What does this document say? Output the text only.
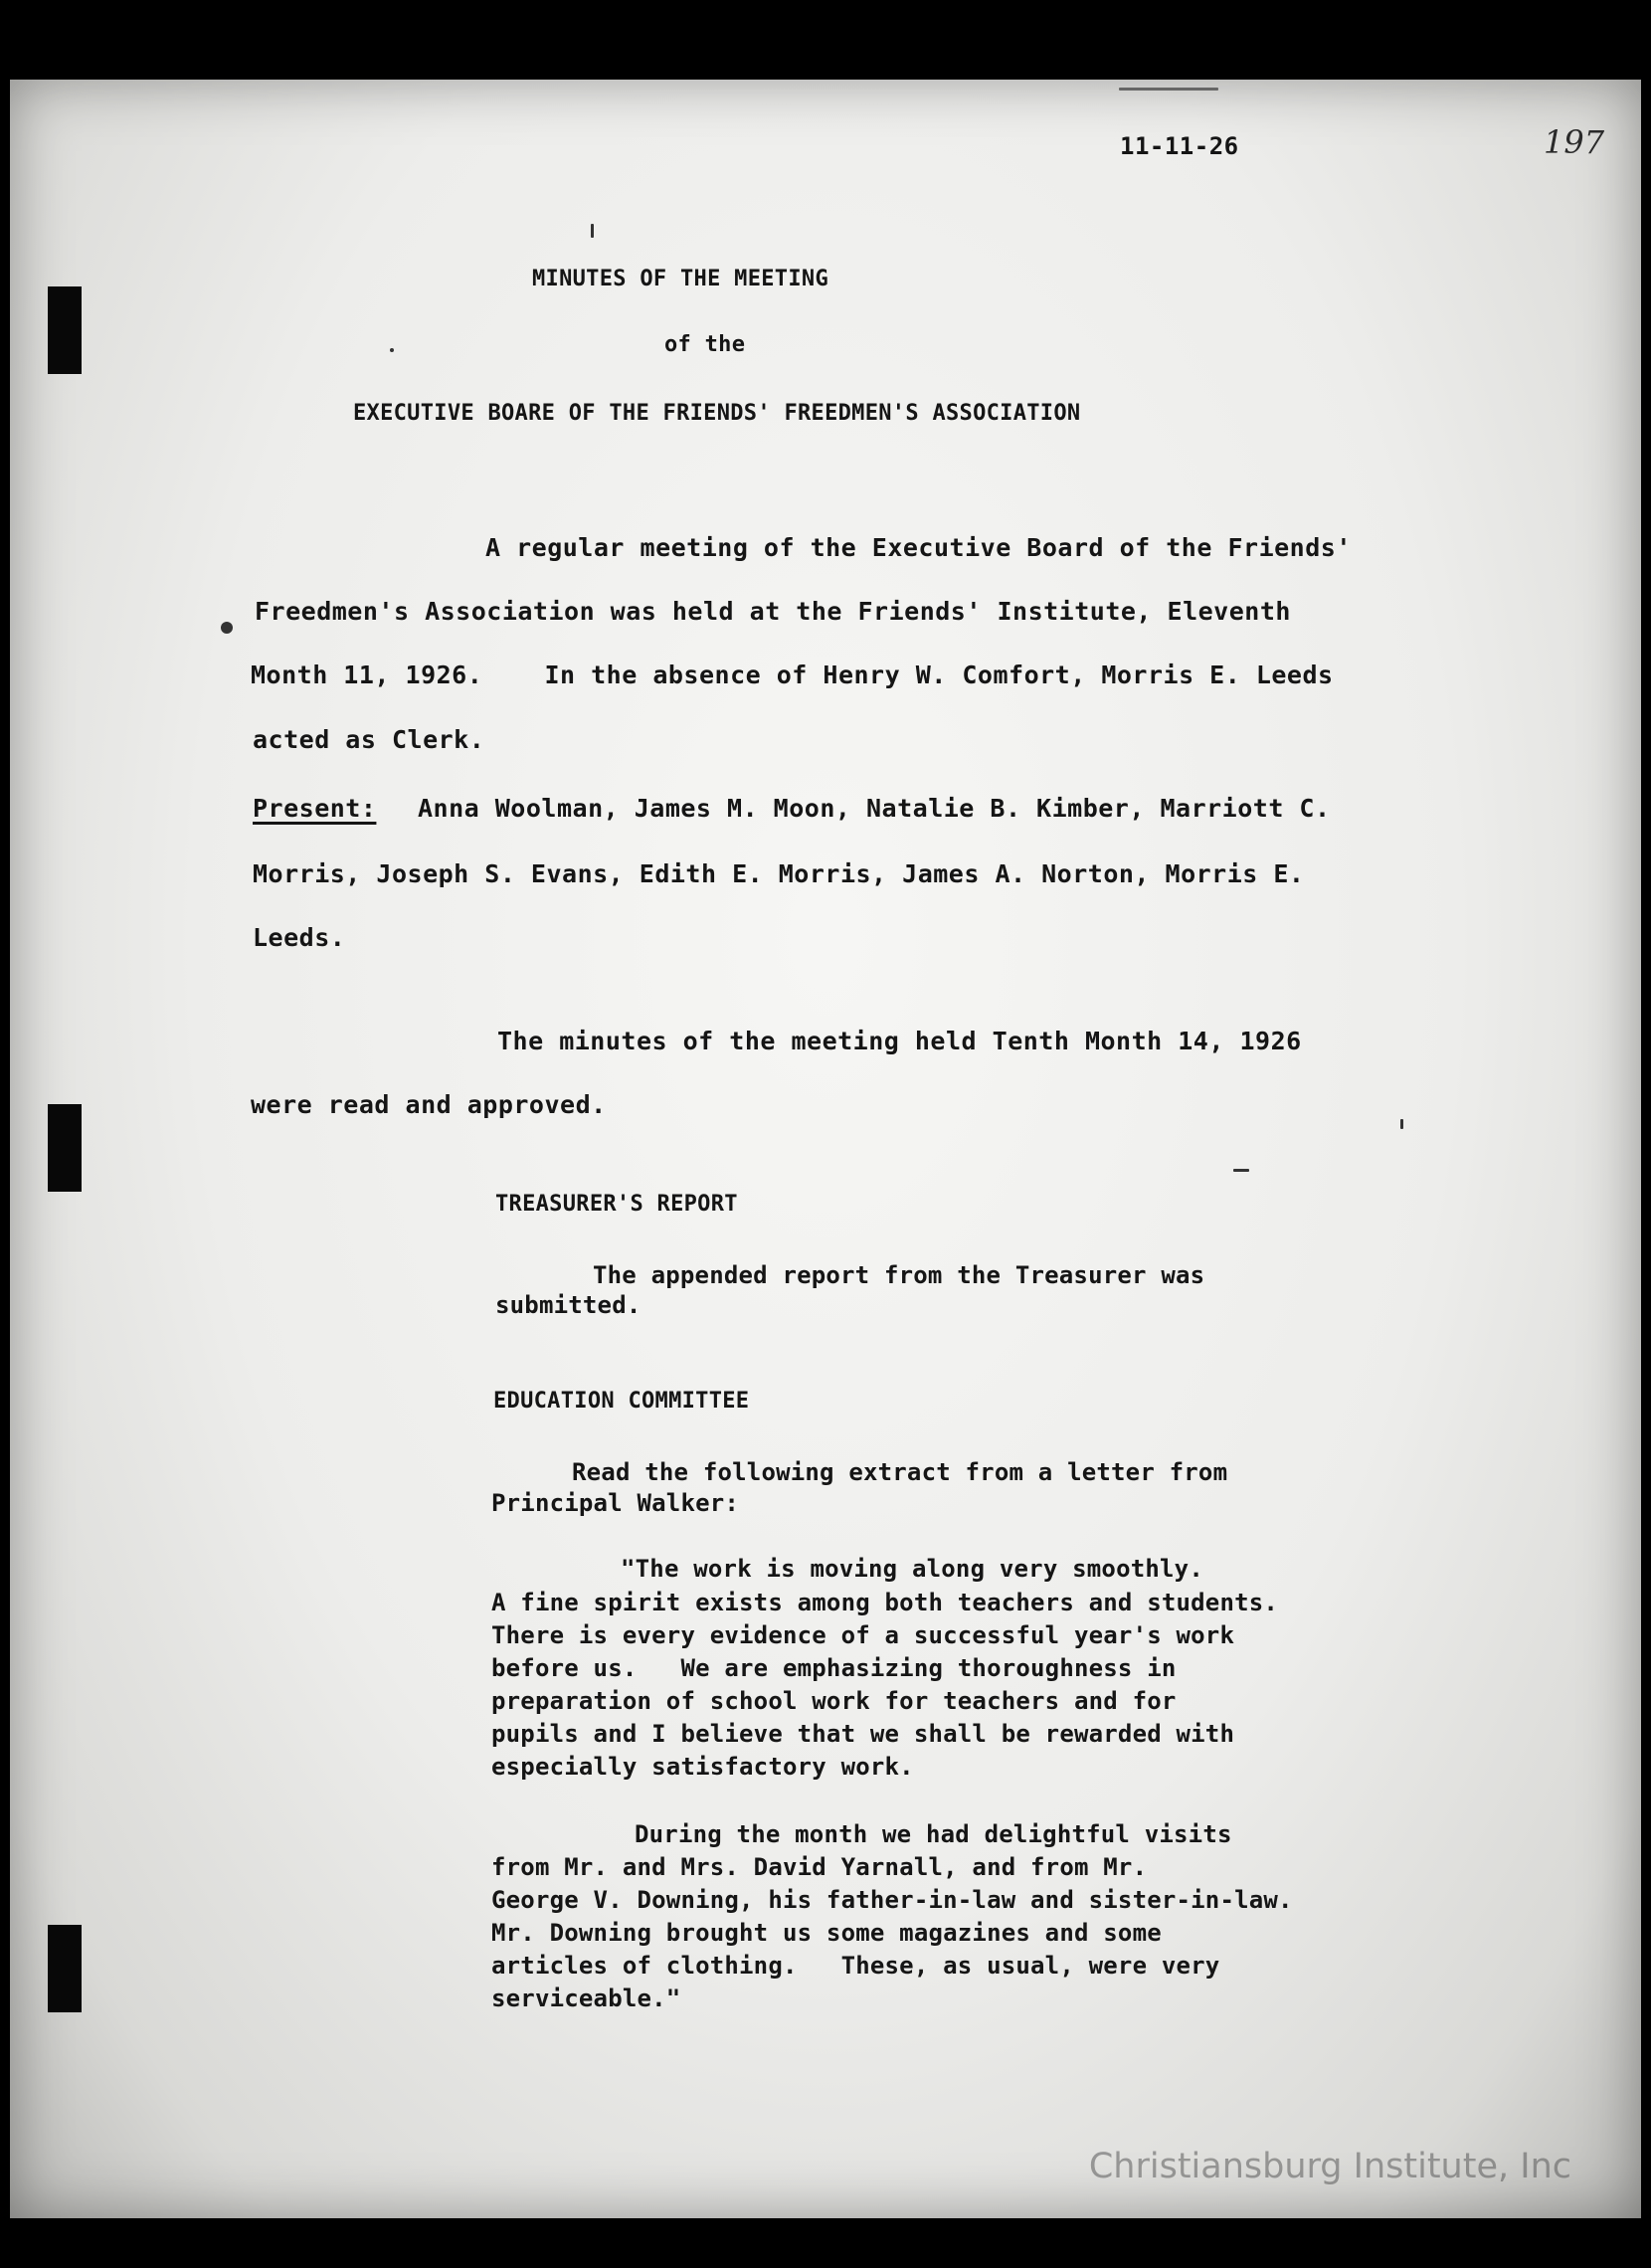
11-11-26	197
MINUTES OF THE MEETING
of the
EXECUTIVE BOARE OF THE FRIENDS' FREEDMEN'S ASSOCIATION
A regular meeting of the Executive Board of the Friends'
Freedmen's Association was held at the Friends' Institute, Eleventh
Month 11, 1926.    In the absence of Henry W. Comfort, Morris E. Leeds
acted as Clerk.
Present: Anna Woolman, James M. Moon, Natalie B. Kimber, Marriott C.
Morris, Joseph S. Evans, Edith E. Morris, James A. Norton, Morris E.
Leeds.
The minutes of the meeting held Tenth Month 14, 1926
were read and approved.
TREASURER'S REPORT
The appended report from the Treasurer was
submitted.
EDUCATION COMMITTEE
Read the following extract from a letter from
Principal Walker:
"The work is moving along very smoothly.
A fine spirit exists among both teachers and students.
There is every evidence of a successful year's work
before us.   We are emphasizing thoroughness in
preparation of school work for teachers and for
pupils and I believe that we shall be rewarded with
especially satisfactory work.
During the month we had delightful visits
from Mr. and Mrs. David Yarnall, and from Mr.
George V. Downing, his father-in-law and sister-in-law.
Mr. Downing brought us some magazines and some
articles of clothing.   These, as usual, were very
serviceable."
Christiansburg Institute, Inc
